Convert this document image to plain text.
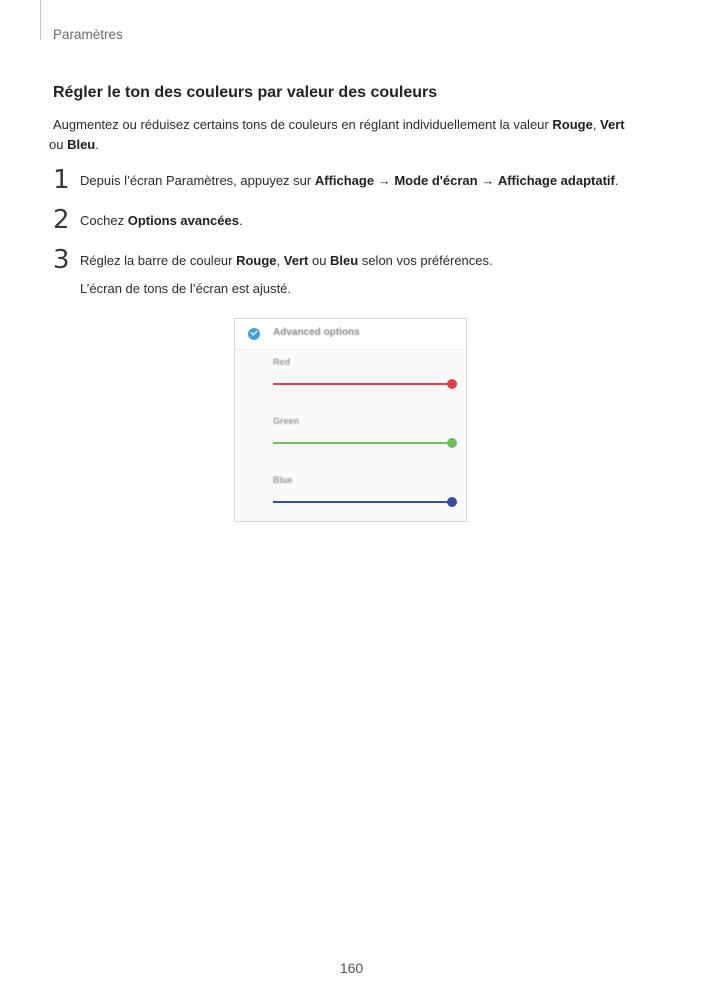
Paramètres
Régler le ton des couleurs par valeur des couleurs
Augmentez ou réduisez certains tons de couleurs en réglant individuellement la valeur Rouge, Vert
ou Bleu.
1 Depuis l’écran Paramètres, appuyez sur Affichage → Mode d'écran → Affichage adaptatif.
2 Cochez Options avancées.
3 Réglez la barre de couleur Rouge, Vert ou Bleu selon vos préférences.
L’écran de tons de l’écran est ajusté.
Advanced options
Red
Green
Blue
160
